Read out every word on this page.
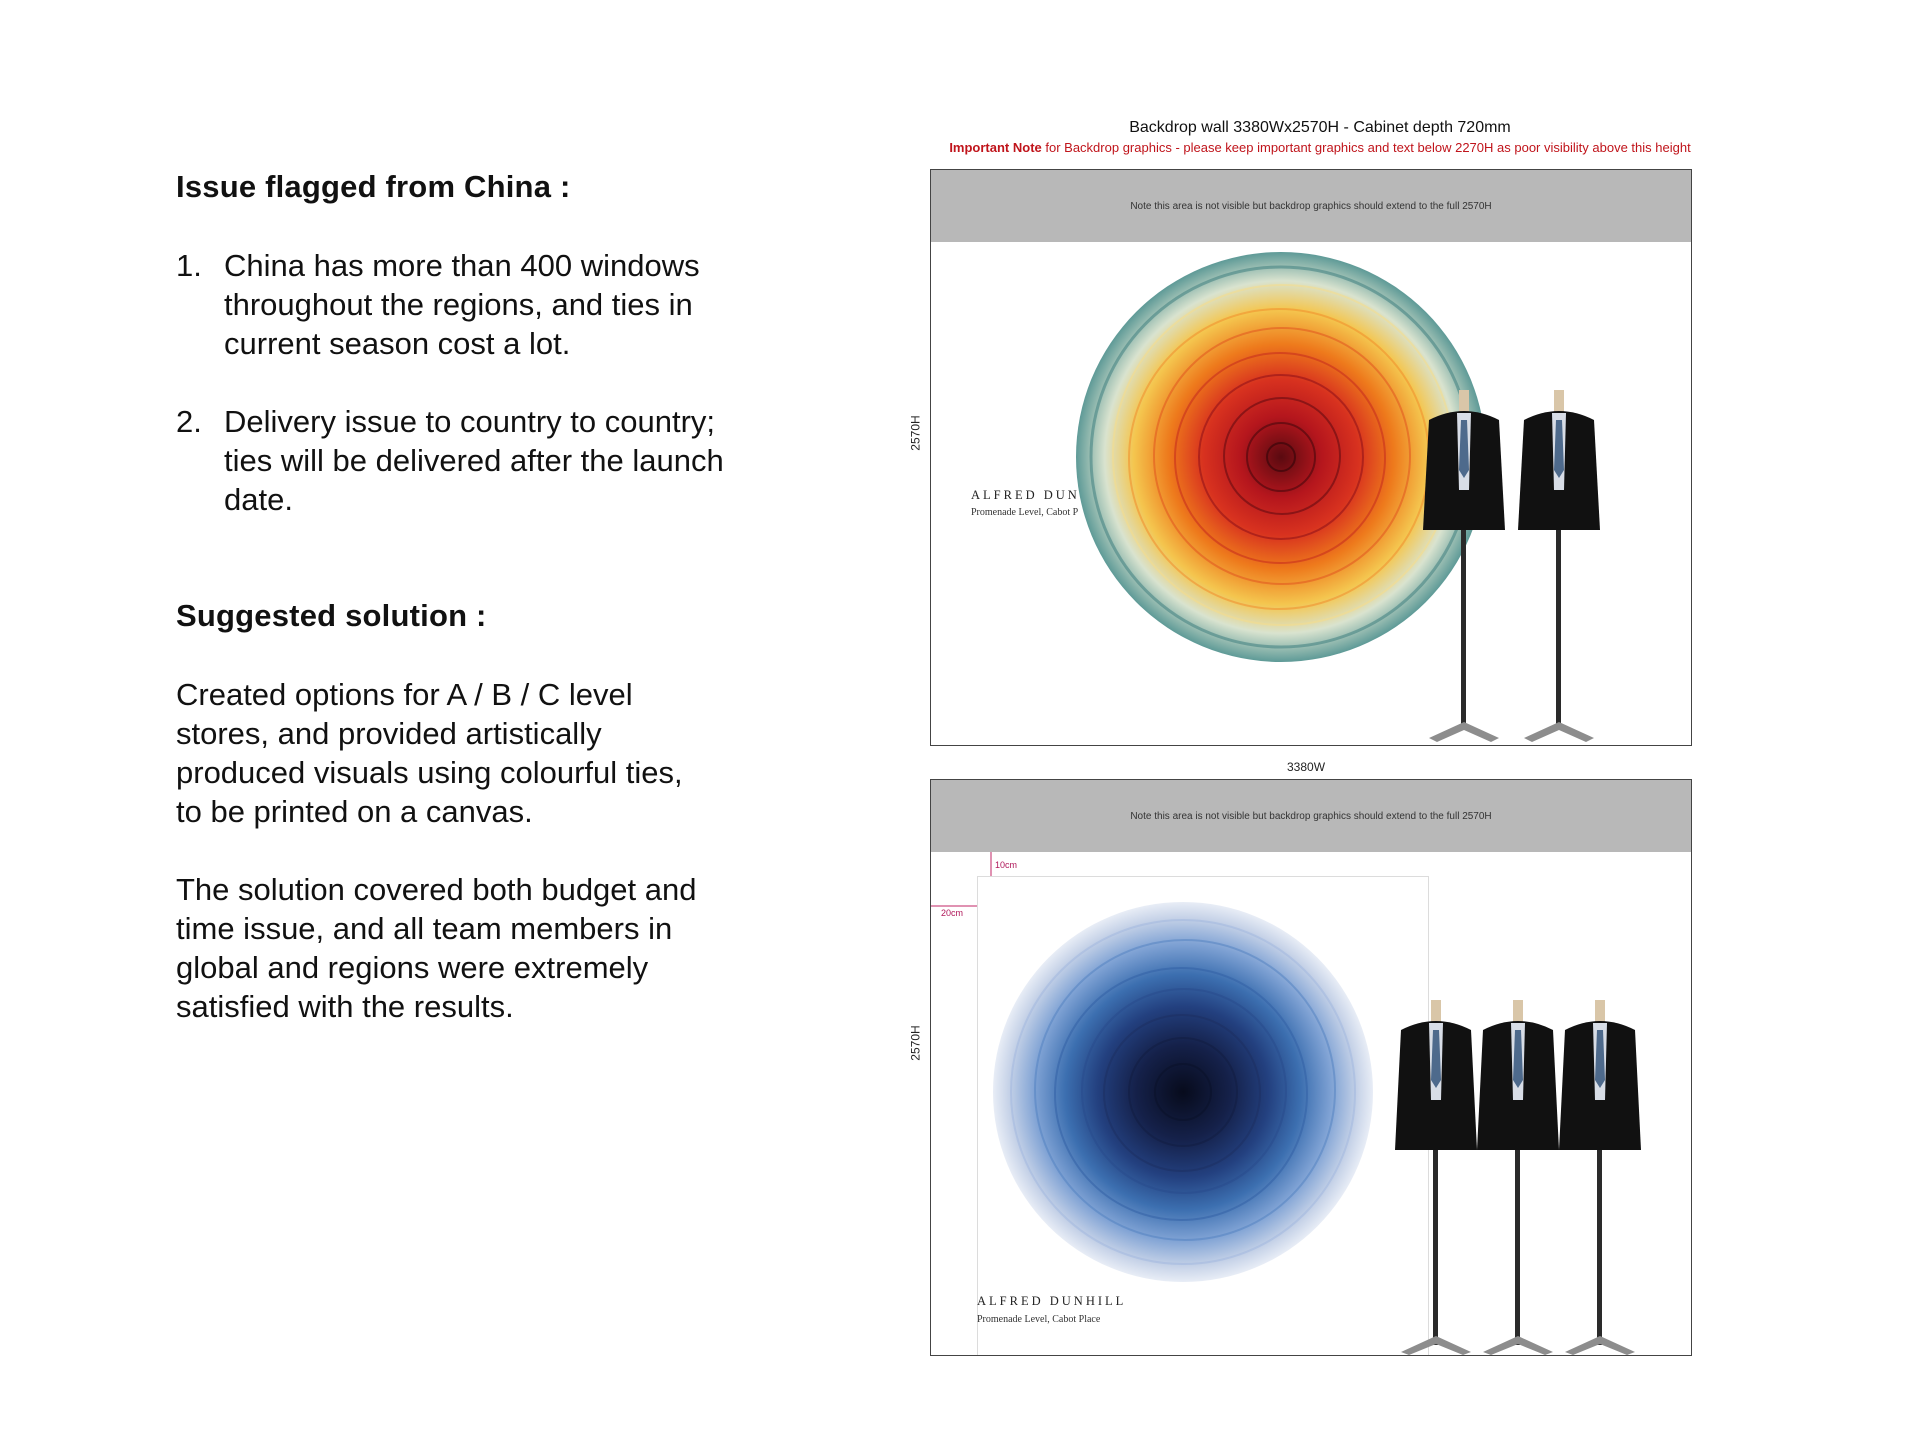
Issue flagged from China :
1. China has more than 400 windows throughout the regions, and ties in current season cost a lot.
2. Delivery issue to country to country; ties will be delivered after the launch date.
Suggested solution :

Created options for A / B / C level stores, and provided artistically produced visuals using colourful ties, to be printed on a canvas.

The solution covered both budget and time issue, and all team members in global and regions were extremely satisfied with the results.

Backdrop wall 3380Wx2570H - Cabinet depth 720mm
Important Note for Backdrop graphics - please keep important graphics and text below 2270H as poor visibility above this height
2570H
3380W
2570H
Note this area is not visible but backdrop graphics should extend to the full 2570H
ALFRED DUN
Promenade Level, Cabot P
Note this area is not visible but backdrop graphics should extend to the full 2570H
10cm
20cm
ALFRED DUNHILL
Promenade Level, Cabot Place
